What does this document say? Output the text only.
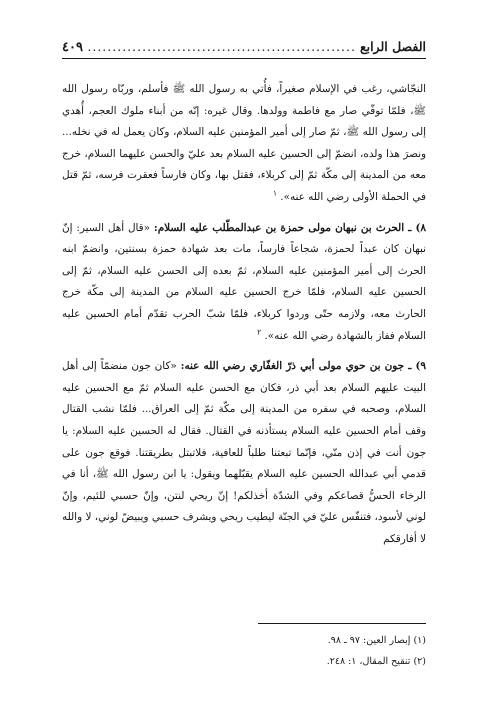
الفصل الرابع
.....
٤٠٩

النجّاشي، رغب في الإسلام صغيراً، فأُتي به رسول الله ﷺ فأسلم، وربّاه رسول الله ﷺ، فلمّا توفّي صار مع فاطمة وولدها. وقال غيره: إنّه من أبناء ملوك العجم، أُهدي إلى رسول الله ﷺ، ثمّ صار إلى أمير المؤمنين عليه السلام، وكان يعمل له في نخله... ونصرَ هذا ولده، انضمّ إلى الحسين عليه السلام بعد عليّ والحسن عليهما السلام، خرج معه من المدينة إلى مكّة ثمّ إلى كربلاء، فقتل بها، وكان فارساً فعقرت فرسه، ثمّ قتل في الحملة الأولى رضي الله عنه». $^١$

٨) ـ الحرث بن نبهان مولى حمزة بن عبدالمطّلب عليه السلام: «قال أهل السير: إنّ نبهان كان عبداً لحمزة، شجاعاً فارساً، مات بعد شهادة حمزة بسنتين، وانضمّ ابنه الحرث إلى أمير المؤمنين عليه السلام، ثمّ بعده إلى الحسن عليه السلام، ثمّ إلى الحسين عليه السلام، فلمّا خرج الحسين عليه السلام من المدينة إلى مكّة خرج الحارث معه، ولازمه حتّى وردوا كربلاء، فلمّا شبّ الحرب تقدّم أمام الحسين عليه السلام ففاز بالشهادة رضي الله عنه». $^٢$

٩) ـ جون بن حوي مولى أبي ذرّ الغفّاري رضي الله عنه: «كان جون منضمّاً إلى أهل البيت عليهم السلام بعد أبي ذر، فكان مع الحسن عليه السلام ثمّ مع الحسين عليه السلام، وصحبه في سفره من المدينة إلى مكّة ثمّ إلى العراق... فلمّا نشب القتال وقف أمام الحسين عليه السلام يستأذنه في القتال. فقال له الحسين عليه السلام: يا جون أنت في إذن منّي، فإنّما تبعتنا طلباً للعافية، فلاتبتل بطريقتنا. فوقع جون على قدمي أبي عبدالله الحسين عليه السلام يقبّلهما ويقول: يا ابن رسول الله ﷺ، أنا في الرخاء الحسُّ قصاعكم وفي الشدّة أخذلكم! إنّ ريحي لنتن، وإنّ حسبي للئيم، وإنّ لوني لأسود، فتنفّس عليّ في الجنّة ليطيب ريحي ويشرف حسبي ويبيضّ لوني، لا والله لا أفارقكم

(١) إبصار العين: ٩٧ ـ ٩٨.

(٢) تنقيح المقال، ١: ٢٤٨.
